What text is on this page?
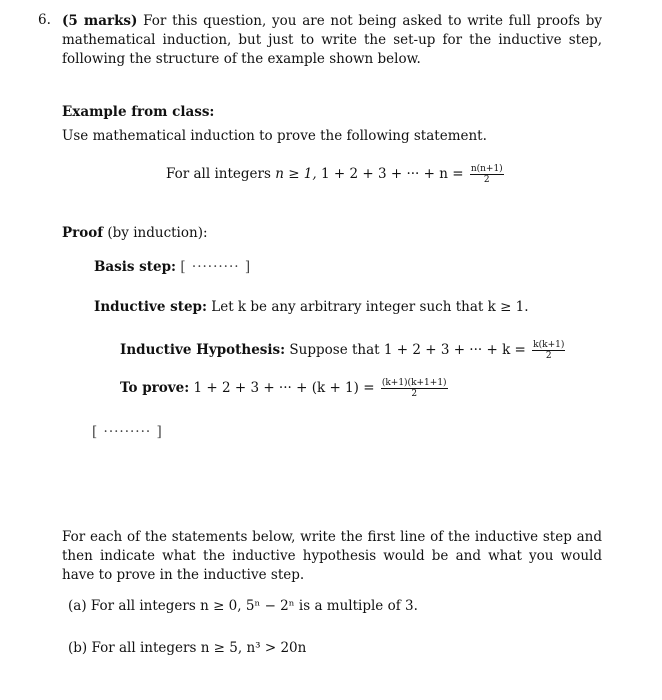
6. (5 marks) For this question, you are not being asked to write full proofs by mathematical induction, but just to write the set-up for the inductive step, following the structure of the example shown below.
Example from class:
Use mathematical induction to prove the following statement.
For all integers n ≥ 1, 1 + 2 + 3 + ··· + $n = \frac{n(n+1)}{2}$
Proof (by induction):
Basis step: [ ········· ]
Inductive step: Let k be any arbitrary integer such that k ≥ 1.
Inductive Hypothesis: Suppose that 1 + 2 + 3 + ··· + $k = \frac{k(k+1)}{2}$
To prove: 1 + 2 + 3 + ··· + $(k + 1) = \frac{(k+1)(k+1+1)}{2}$
[ ········· ]
For each of the statements below, write the first line of the inductive step and then indicate what the inductive hypothesis would be and what you would have to prove in the inductive step.
(a) For all integers n ≥ 0, 5ⁿ − 2ⁿ is a multiple of 3.
(b) For all integers n ≥ 5, n³ > 20n
